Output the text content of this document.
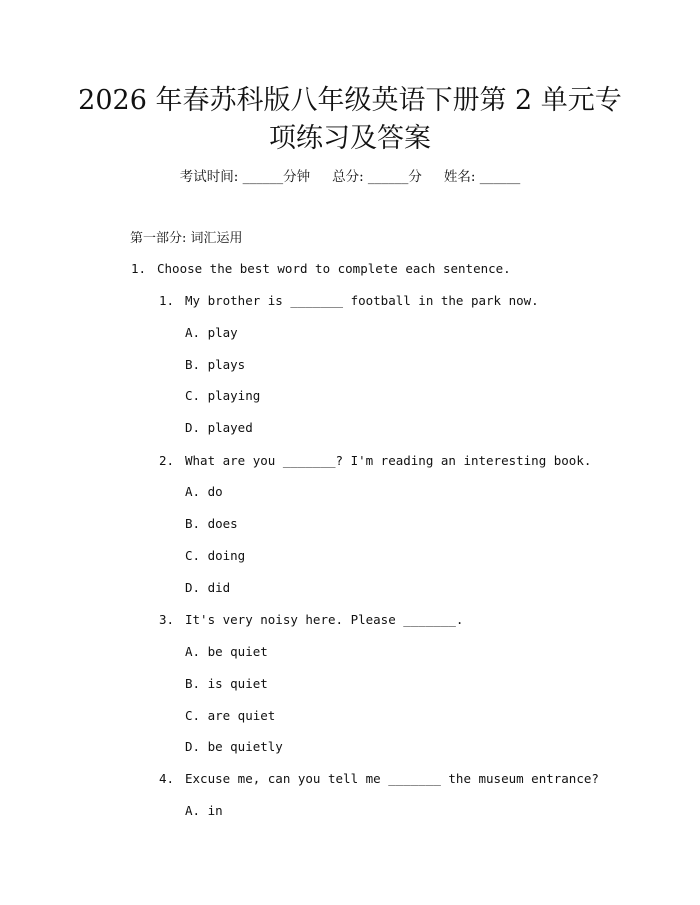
2026 年春苏科版八年级英语下册第 2 单元专
项练习及答案
考试时间: ______分钟 总分: ______分 姓名: ______
第一部分: 词汇运用
1. Choose the best word to complete each sentence.
1. My brother is _______ football in the park now.
A. play
B. plays
C. playing
D. played
2. What are you _______? I'm reading an interesting book.
A. do
B. does
C. doing
D. did
3. It's very noisy here. Please _______.
A. be quiet
B. is quiet
C. are quiet
D. be quietly
4. Excuse me, can you tell me _______ the museum entrance?
A. in
